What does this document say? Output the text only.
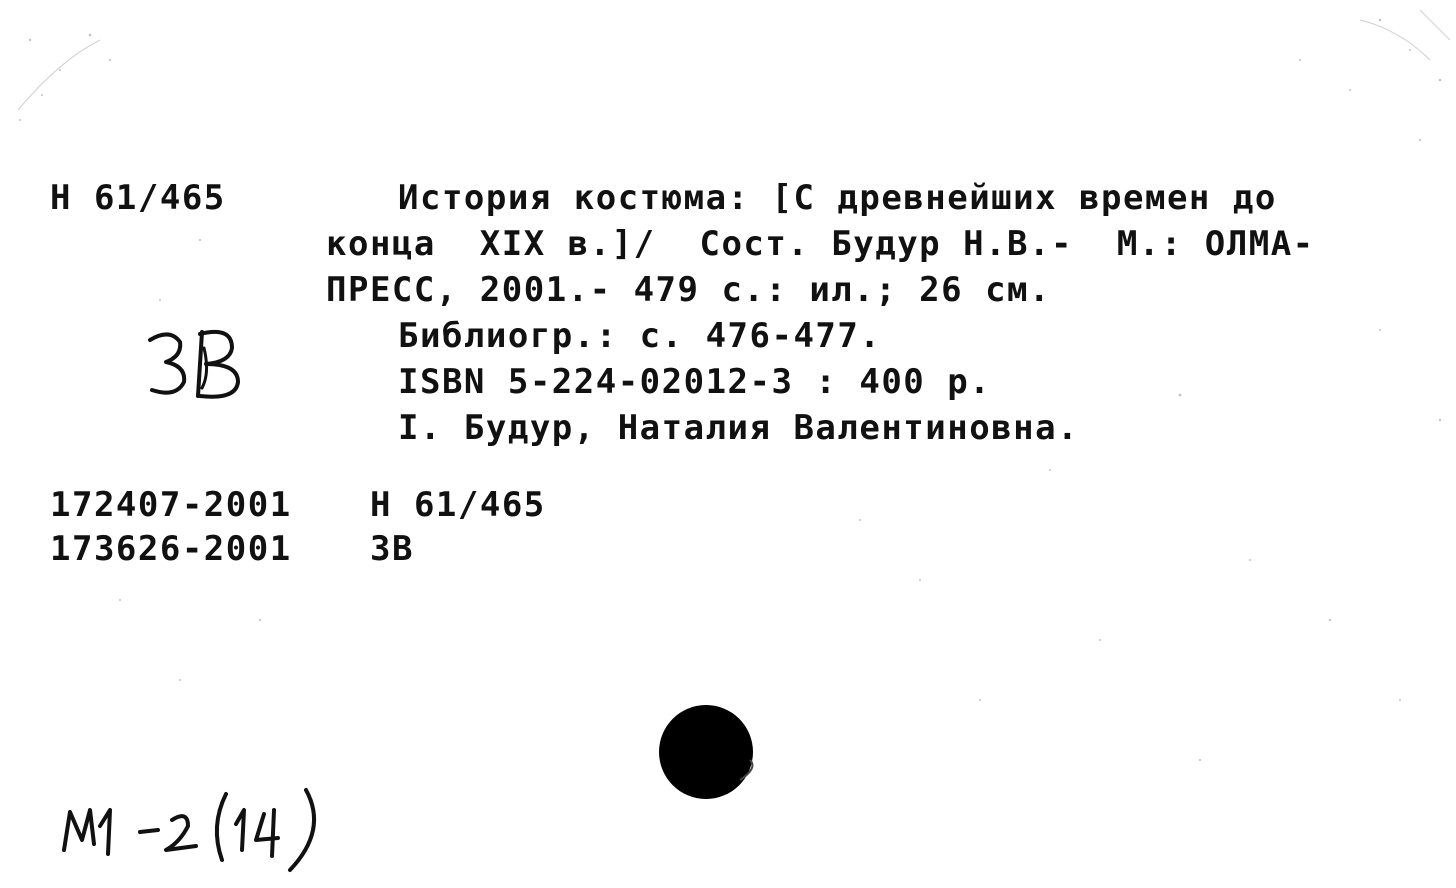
Н 61/465	История костюма: [С древнейших времен до
конца  XIX в.]/  Сост. Будур Н.В.-  М.: ОЛМА-
ПРЕСС, 2001.- 479 с.: ил.; 26 см.
Библиогр.: с. 476-477.
ISBN 5-224-02012-3 : 400 р.
I. Будур, Наталия Валентиновна.
172407-2001 Н 61/465
173626-2001 3В
